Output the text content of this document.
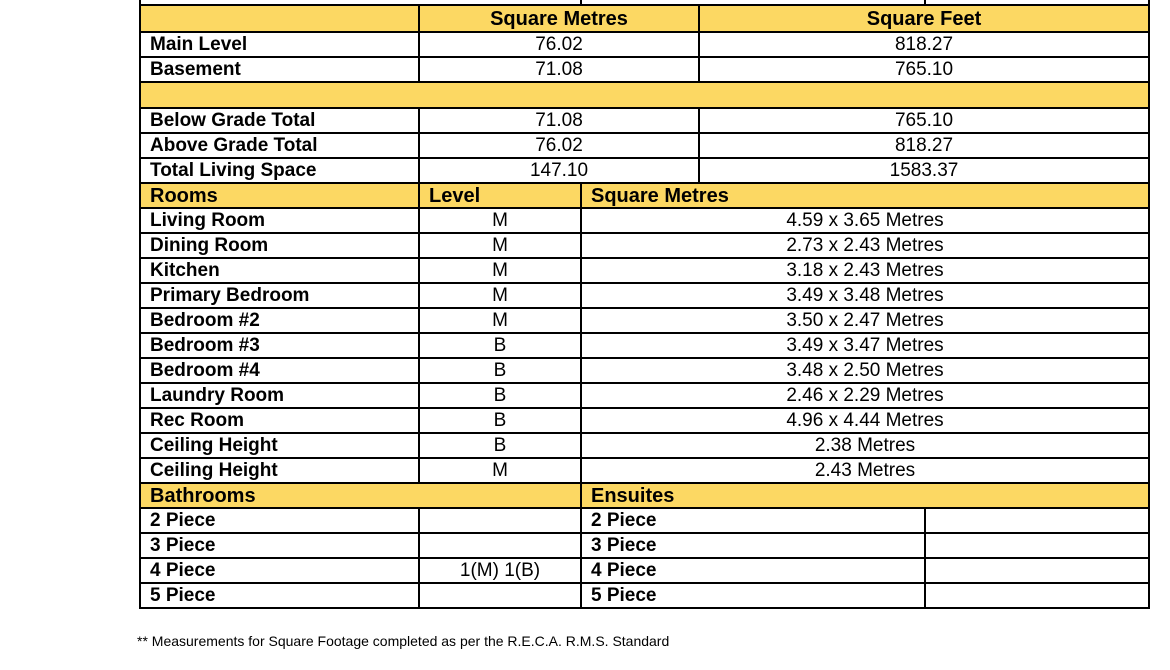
	Square Metres		Square Feet	
Main Level	76.02		818.27	
Basement	71.08		765.10	

Below Grade Total	71.08		765.10	
Above Grade Total	76.02		818.27	
Total Living Space	147.10		1583.37	
Rooms	Level	Square Metres		
Living Room	M	4.59 x 3.65 Metres		
Dining Room	M	2.73 x 2.43 Metres		
Kitchen	M	3.18 x 2.43 Metres		
Primary Bedroom	M	3.49 x 3.48 Metres		
Bedroom #2	M	3.50 x 2.47 Metres		
Bedroom #3	B	3.49 x 3.47 Metres		
Bedroom #4	B	3.48 x 2.50 Metres		
Laundry Room	B	2.46 x 2.29 Metres		
Rec Room	B	4.96 x 4.44 Metres		
Ceiling Height	B	2.38 Metres		
Ceiling Height	M	2.43 Metres		
Bathrooms		Ensuites		
2 Piece		2 Piece		
3 Piece		3 Piece		
4 Piece	1(M) 1(B)	4 Piece		
5 Piece		5 Piece		
** Measurements for Square Footage completed as per the R.E.C.A. R.M.S. Standard
